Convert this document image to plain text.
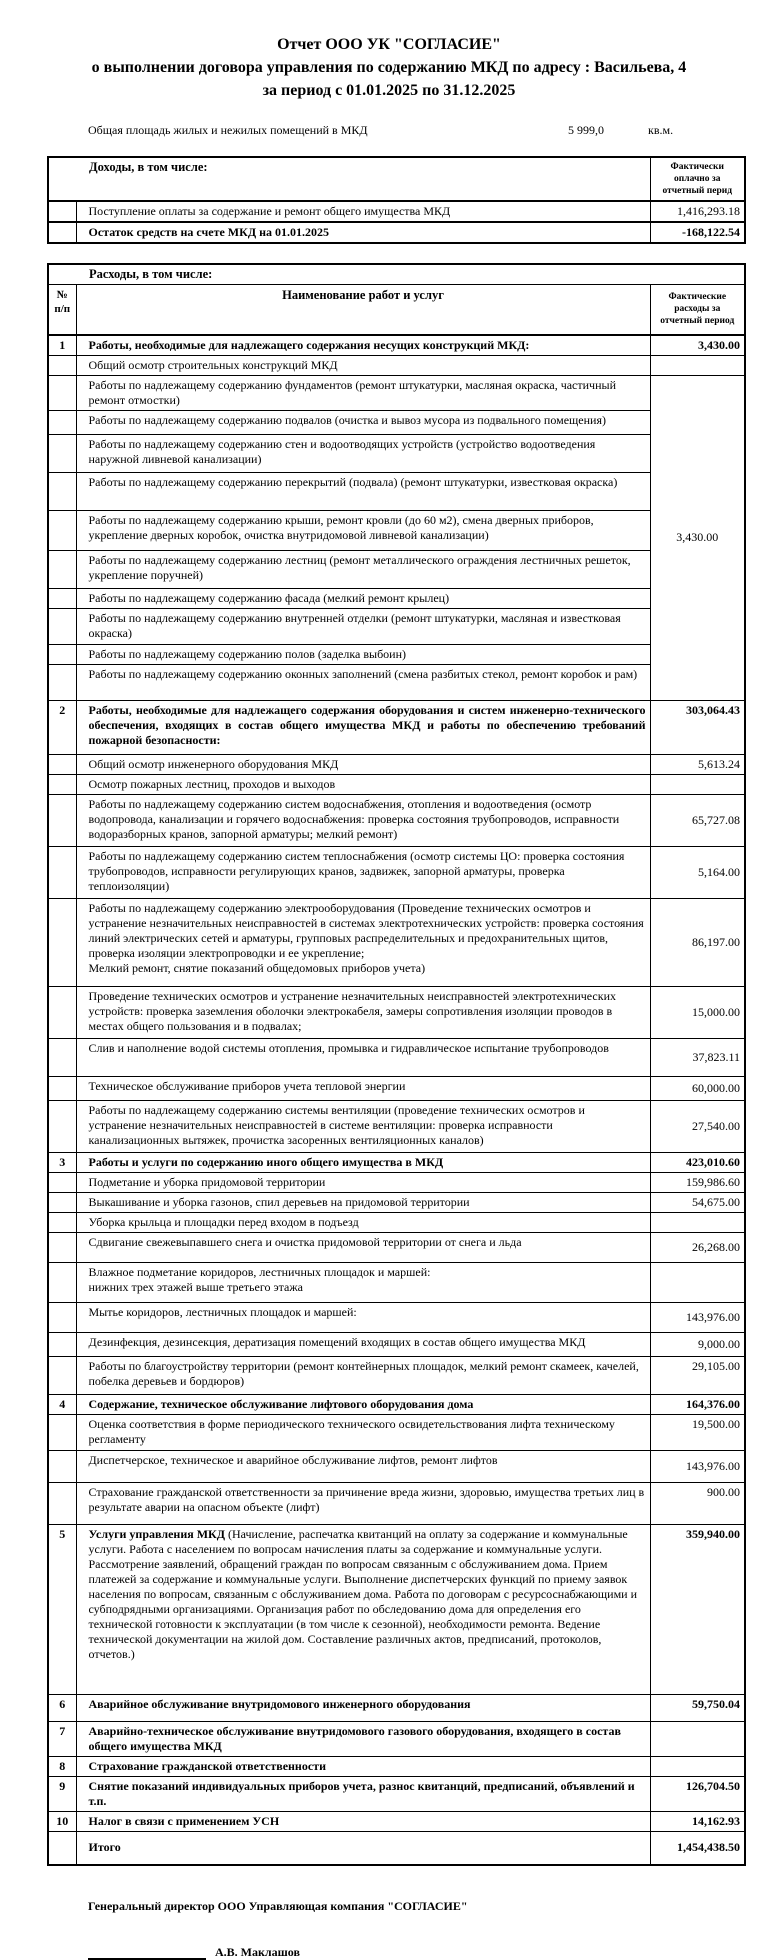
Отчет ООО УК "СОГЛАСИЕ"
о выполнении договора управления по содержанию МКД по адресу : Васильева, 4
за период с 01.01.2025 по 31.12.2025
Общая площадь жилых и нежилых помещений в МКД	5 999,0	кв.м.
Доходы, в том числе:		Фактически оплачно за отчетный перид
	Поступление оплаты за содержание и ремонт общего имущества МКД	1,416,293.18
	Остаток средств на счете МКД на 01.01.2025	-168,122.54
Расходы, в том числе:		
№ п/п	Наименование работ и услуг	Фактические расходы за отчетный период
1	Работы, необходимые для надлежащего содержания несущих конструкций МКД:	3,430.00
	Общий осмотр строительных конструкций МКД	
	Работы по надлежащему содержанию фундаментов (ремонт штукатурки, масляная окраска, частичный ремонт отмостки)	3,430.00
	Работы по надлежащему содержанию подвалов (очистка и вывоз мусора из подвального помещения)	
	Работы по надлежащему содержанию стен и водоотводящих устройств (устройство водоотведения наружной ливневой канализации)	
	Работы по надлежащему содержанию перекрытий (подвала) (ремонт штукатурки, известковая окраска)	
	Работы по надлежащему содержанию крыши, ремонт кровли (до 60 м2), смена дверных приборов, укрепление дверных коробок, очистка внутридомовой ливневой канализации)	
	Работы по надлежащему содержанию лестниц (ремонт металлического ограждения лестничных решеток, укрепление поручней)	
	Работы по надлежащему содержанию фасада (мелкий ремонт крылец)	
	Работы по надлежащему содержанию внутренней отделки (ремонт штукатурки, масляная и известковая окраска)	
	Работы по надлежащему содержанию полов (заделка выбоин)	
	Работы по надлежащему содержанию оконных заполнений (смена разбитых стекол, ремонт коробок и рам)	
2	Работы, необходимые для надлежащего содержания оборудования и систем инженерно-технического обеспечения, входящих в состав общего имущества МКД и работы по обеспечению требований пожарной безопасности:	303,064.43
	Общий осмотр инженерного оборудования МКД	5,613.24
	Осмотр пожарных лестниц, проходов и выходов	
	Работы по надлежащему содержанию систем водоснабжения, отопления и водоотведения (осмотр водопровода, канализации и горячего водоснабжения: проверка состояния трубопроводов, исправности водоразборных кранов, запорной арматуры; мелкий ремонт)	65,727.08
	Работы по надлежащему содержанию систем теплоснабжения (осмотр системы ЦО: проверка состояния трубопроводов, исправности регулирующих кранов, задвижек, запорной арматуры, проверка теплоизоляции)	5,164.00
	Работы по надлежащему содержанию электрооборудования (Проведение технических осмотров и устранение незначительных неисправностей в системах электротехнических устройств: проверка состояния линий электрических сетей и арматуры, групповых распределительных и предохранительных щитов, проверка изоляции электропроводки и ее укрепление;
Мелкий ремонт, снятие показаний общедомовых приборов учета)	86,197.00
	Проведение технических осмотров и устранение незначительных неисправностей электротехнических устройств: проверка заземления оболочки электрокабеля, замеры сопротивления изоляции проводов в местах общего пользования и в подвалах;	15,000.00
	Слив и наполнение водой системы отопления, промывка и гидравлическое испытание трубопроводов	37,823.11
	Техническое обслуживание приборов учета тепловой энергии	60,000.00
	Работы по надлежащему содержанию системы вентиляции (проведение технических осмотров и устранение незначительных неисправностей в системе вентиляции: проверка исправности канализационных вытяжек, прочистка засоренных вентиляционных каналов)	27,540.00
3	Работы и услуги по содержанию иного общего имущества в МКД	423,010.60
	Подметание и уборка придомовой территории	159,986.60
	Выкашивание и уборка газонов, спил деревьев на придомовой территории	54,675.00
	Уборка крыльца и площадки перед входом в подъезд	
	Сдвигание свежевыпавшего снега и очистка придомовой территории от снега и льда	26,268.00
	Влажное подметание коридоров, лестничных площадок и маршей:
нижних трех этажей выше третьего этажа	
	Мытье коридоров, лестничных площадок и маршей:	143,976.00
	Дезинфекция, дезинсекция, дератизация помещений входящих в состав общего имущества МКД	9,000.00
	Работы по благоустройству территории (ремонт контейнерных площадок, мелкий ремонт скамеек, качелей, побелка деревьев и бордюров)	29,105.00
4	Содержание, техническое обслуживание лифтового оборудования дома	164,376.00
	Оценка соответствия в форме периодического технического освидетельствования лифта техническому регламенту	19,500.00
	Диспетчерское, техническое и аварийное обслуживание лифтов, ремонт лифтов	143,976.00
	Страхование гражданской ответственности за причинение вреда жизни, здоровью, имущества третьих лиц в результате аварии на опасном объекте (лифт)	900.00
5	Услуги управления МКД (Начисление, распечатка квитанций на оплату за содержание и коммунальные услуги. Работа с населением по вопросам начисления платы за содержание и коммунальные услуги. Рассмотрение заявлений, обращений граждан по вопросам связанным с обслуживанием дома. Прием платежей за содержание и коммунальные услуги. Выполнение диспетчерских функций по приему заявок населения по вопросам, связанным с обслуживанием дома. Работа по договорам с ресурсоснабжающими и субподрядными организациями. Организация работ по обследованию дома для определения его технической готовности к эксплуатации (в том числе к сезонной), необходимости ремонта. Ведение технической документации на жилой дом. Составление различных актов, предписаний, протоколов, отчетов.)	359,940.00
6	Аварийное обслуживание внутридомового инженерного оборудования	59,750.04
7	Аварийно-техническое обслуживание внутридомового газового оборудования, входящего в состав общего имущества МКД	
8	Страхование гражданской ответственности	
9	Снятие показаний индивидуальных приборов учета, разнос квитанций, предписаний, объявлений и т.п.	126,704.50
10	Налог в связи с применением УСН	14,162.93
	Итого	1,454,438.50
Генеральный директор ООО Управляющая компания "СОГЛАСИЕ"
А.В. Маклашов
